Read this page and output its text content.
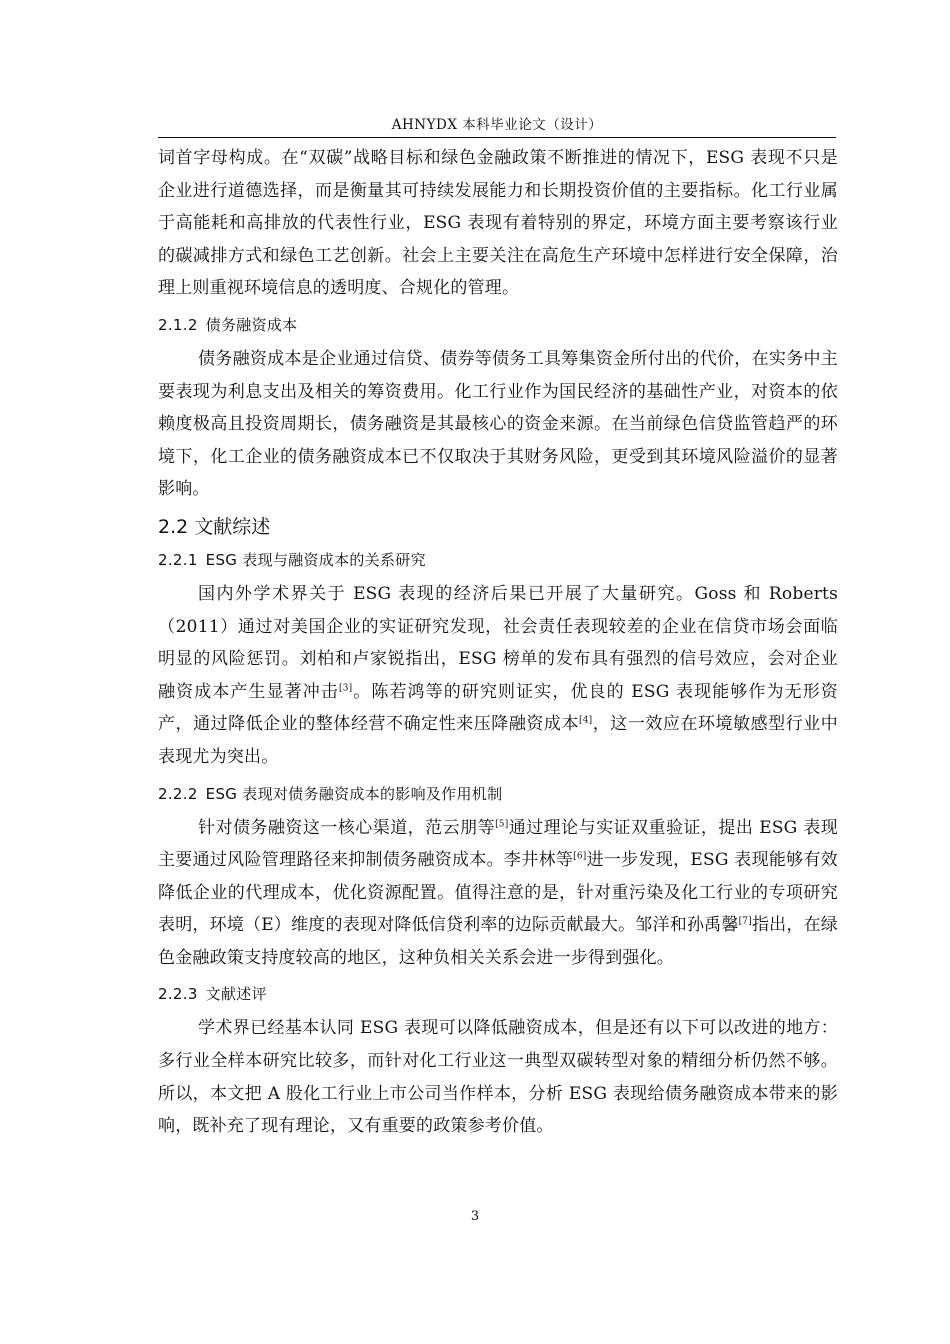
AHNYDX 本科毕业论文（设计）

词首字母构成。在“双碳”战略目标和绿色金融政策不断推进的情况下，ESG 表现不只是企业进行道德选择，而是衡量其可持续发展能力和长期投资价值的主要指标。化工行业属于高能耗和高排放的代表性行业，ESG 表现有着特别的界定，环境方面主要考察该行业的碳减排方式和绿色工艺创新。社会上主要关注在高危生产环境中怎样进行安全保障，治理上则重视环境信息的透明度、合规化的管理。

2.1.2 债务融资成本

债务融资成本是企业通过信贷、债券等债务工具筹集资金所付出的代价，在实务中主要表现为利息支出及相关的筹资费用。化工行业作为国民经济的基础性产业，对资本的依赖度极高且投资周期长，债务融资是其最核心的资金来源。在当前绿色信贷监管趋严的环境下，化工企业的债务融资成本已不仅取决于其财务风险，更受到其环境风险溢价的显著影响。

2.2 文献综述
2.2.1 ESG 表现与融资成本的关系研究

国内外学术界关于 ESG 表现的经济后果已开展了大量研究。Goss 和 Roberts（2011）通过对美国企业的实证研究发现，社会责任表现较差的企业在信贷市场会面临明显的风险惩罚。刘柏和卢家锐指出，ESG 榜单的发布具有强烈的信号效应，会对企业融资成本产生显著冲击[3]。陈若鸿等的研究则证实，优良的 ESG 表现能够作为无形资产，通过降低企业的整体经营不确定性来压降融资成本[4]，这一效应在环境敏感型行业中表现尤为突出。

2.2.2 ESG 表现对债务融资成本的影响及作用机制

针对债务融资这一核心渠道，范云朋等[5]通过理论与实证双重验证，提出 ESG 表现主要通过风险管理路径来抑制债务融资成本。李井林等[6]进一步发现，ESG 表现能够有效降低企业的代理成本，优化资源配置。值得注意的是，针对重污染及化工行业的专项研究表明，环境（E）维度的表现对降低信贷利率的边际贡献最大。邹洋和孙禹馨[7]指出，在绿色金融政策支持度较高的地区，这种负相关关系会进一步得到强化。

2.2.3 文献述评

学术界已经基本认同 ESG 表现可以降低融资成本，但是还有以下可以改进的地方：多行业全样本研究比较多，而针对化工行业这一典型双碳转型对象的精细分析仍然不够。所以，本文把 A 股化工行业上市公司当作样本，分析 ESG 表现给债务融资成本带来的影响，既补充了现有理论，又有重要的政策参考价值。

3
